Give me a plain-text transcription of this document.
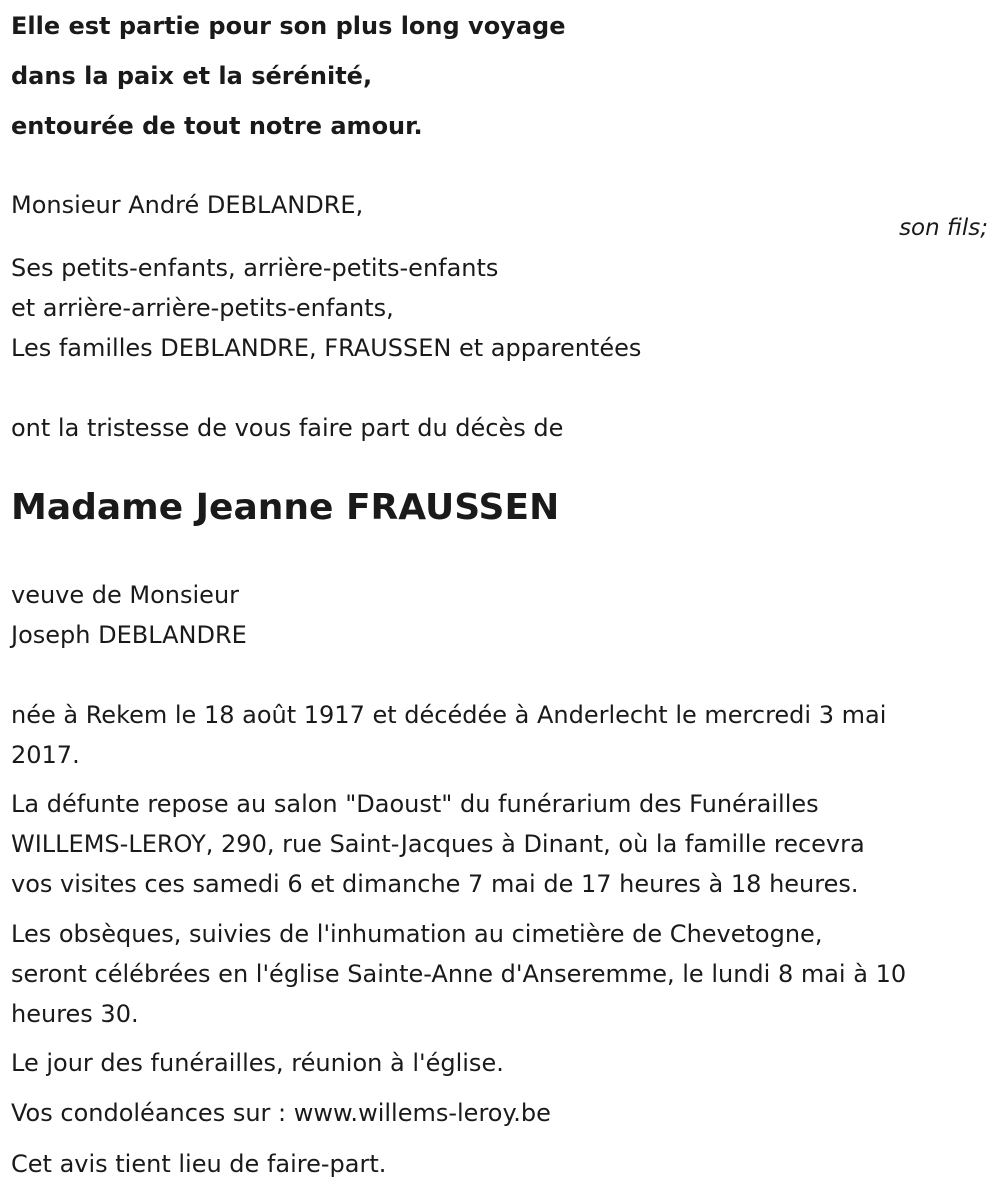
Elle est partie pour son plus long voyage
dans la paix et la sérénité,
entourée de tout notre amour.
Monsieur André DEBLANDRE,
son fils;
Ses petits-enfants, arrière-petits-enfants
et arrière-arrière-petits-enfants,
Les familles DEBLANDRE, FRAUSSEN et apparentées
ont la tristesse de vous faire part du décès de
Madame Jeanne FRAUSSEN
veuve de Monsieur
Joseph DEBLANDRE
née à Rekem le 18 août 1917 et décédée à Anderlecht le mercredi 3 mai
2017.
La défunte repose au salon "Daoust" du funérarium des Funérailles
WILLEMS-LEROY, 290, rue Saint-Jacques à Dinant, où la famille recevra
vos visites ces samedi 6 et dimanche 7 mai de 17 heures à 18 heures.
Les obsèques, suivies de l'inhumation au cimetière de Chevetogne,
seront célébrées en l'église Sainte-Anne d'Anseremme, le lundi 8 mai à 10
heures 30.
Le jour des funérailles, réunion à l'église.
Vos condoléances sur : www.willems-leroy.be
Cet avis tient lieu de faire-part.
